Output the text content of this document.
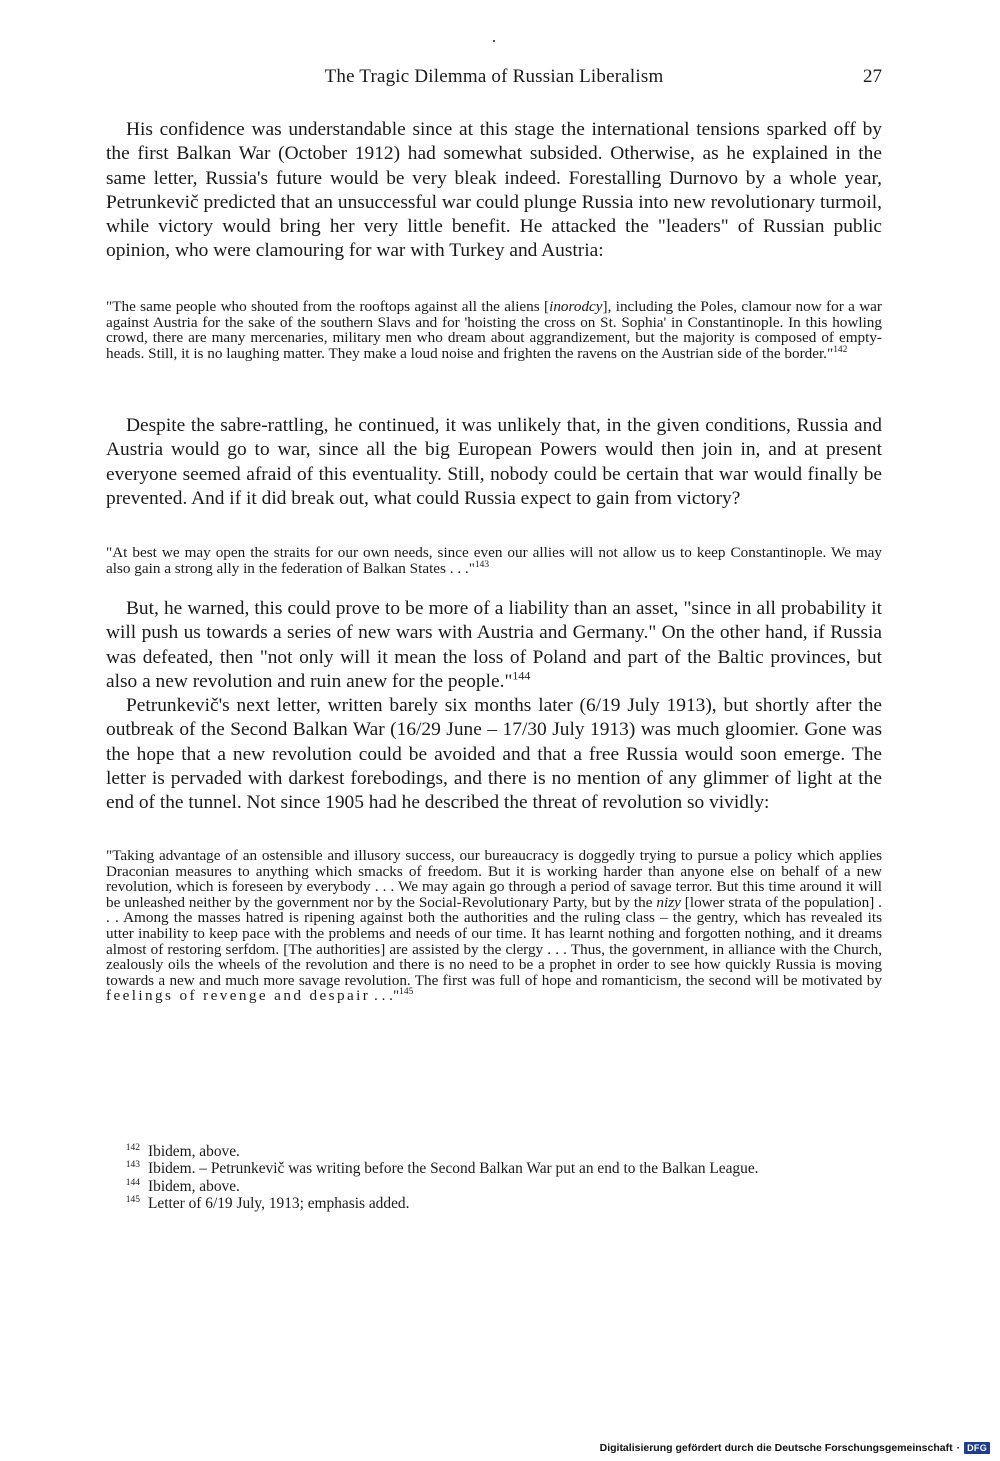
The Tragic Dilemma of Russian Liberalism	27

His confidence was understandable since at this stage the international tensions sparked off by the first Balkan War (October 1912) had somewhat subsided. Otherwise, as he explained in the same letter, Russia's future would be very bleak indeed. Forestalling Durnovo by a whole year, Petrunkevič predicted that an unsuccessful war could plunge Russia into new revolutionary turmoil, while victory would bring her very little benefit. He attacked the "leaders" of Russian public opinion, who were clamouring for war with Turkey and Austria:

"The same people who shouted from the rooftops against all the aliens [inorodcy], including the Poles, clamour now for a war against Austria for the sake of the southern Slavs and for 'hoisting the cross on St. Sophia' in Constantinople. In this howling crowd, there are many mercenaries, military men who dream about aggrandizement, but the majority is composed of empty-heads. Still, it is no laughing matter. They make a loud noise and frighten the ravens on the Austrian side of the border."$^{142}$

Despite the sabre-rattling, he continued, it was unlikely that, in the given conditions, Russia and Austria would go to war, since all the big European Powers would then join in, and at present everyone seemed afraid of this eventuality. Still, nobody could be certain that war would finally be prevented. And if it did break out, what could Russia expect to gain from victory?

"At best we may open the straits for our own needs, since even our allies will not allow us to keep Constantinople. We may also gain a strong ally in the federation of Balkan States . . ."$^{143}$

But, he warned, this could prove to be more of a liability than an asset, "since in all probability it will push us towards a series of new wars with Austria and Germany." On the other hand, if Russia was defeated, then "not only will it mean the loss of Poland and part of the Baltic provinces, but also a new revolution and ruin anew for the people."$^{144}$

Petrunkevič's next letter, written barely six months later (6/19 July 1913), but shortly after the outbreak of the Second Balkan War (16/29 June – 17/30 July 1913) was much gloomier. Gone was the hope that a new revolution could be avoided and that a free Russia would soon emerge. The letter is pervaded with darkest forebodings, and there is no mention of any glimmer of light at the end of the tunnel. Not since 1905 had he described the threat of revolution so vividly:

"Taking advantage of an ostensible and illusory success, our bureaucracy is doggedly trying to pursue a policy which applies Draconian measures to anything which smacks of freedom. But it is working harder than anyone else on behalf of a new revolution, which is foreseen by everybody . . . We may again go through a period of savage terror. But this time around it will be unleashed neither by the government nor by the Social-Revolutionary Party, but by the nizy [lower strata of the population] . . . Among the masses hatred is ripening against both the authorities and the ruling class – the gentry, which has revealed its utter inability to keep pace with the problems and needs of our time. It has learnt nothing and forgotten nothing, and it dreams almost of restoring serfdom. [The authorities] are assisted by the clergy . . . Thus, the government, in alliance with the Church, zealously oils the wheels of the revolution and there is no need to be a prophet in order to see how quickly Russia is moving towards a new and much more savage revolution. The first was full of hope and romanticism, the second will be motivated by feelings of revenge and despair . . ."$^{145}$

$^{142}$ Ibidem, above.

$^{143}$ Ibidem. – Petrunkevič was writing before the Second Balkan War put an end to the Balkan League.

$^{144}$ Ibidem, above.

$^{145}$ Letter of 6/19 July, 1913; emphasis added.

Digitalisierung gefördert durch die Deutsche Forschungsgemeinschaft · DFG
